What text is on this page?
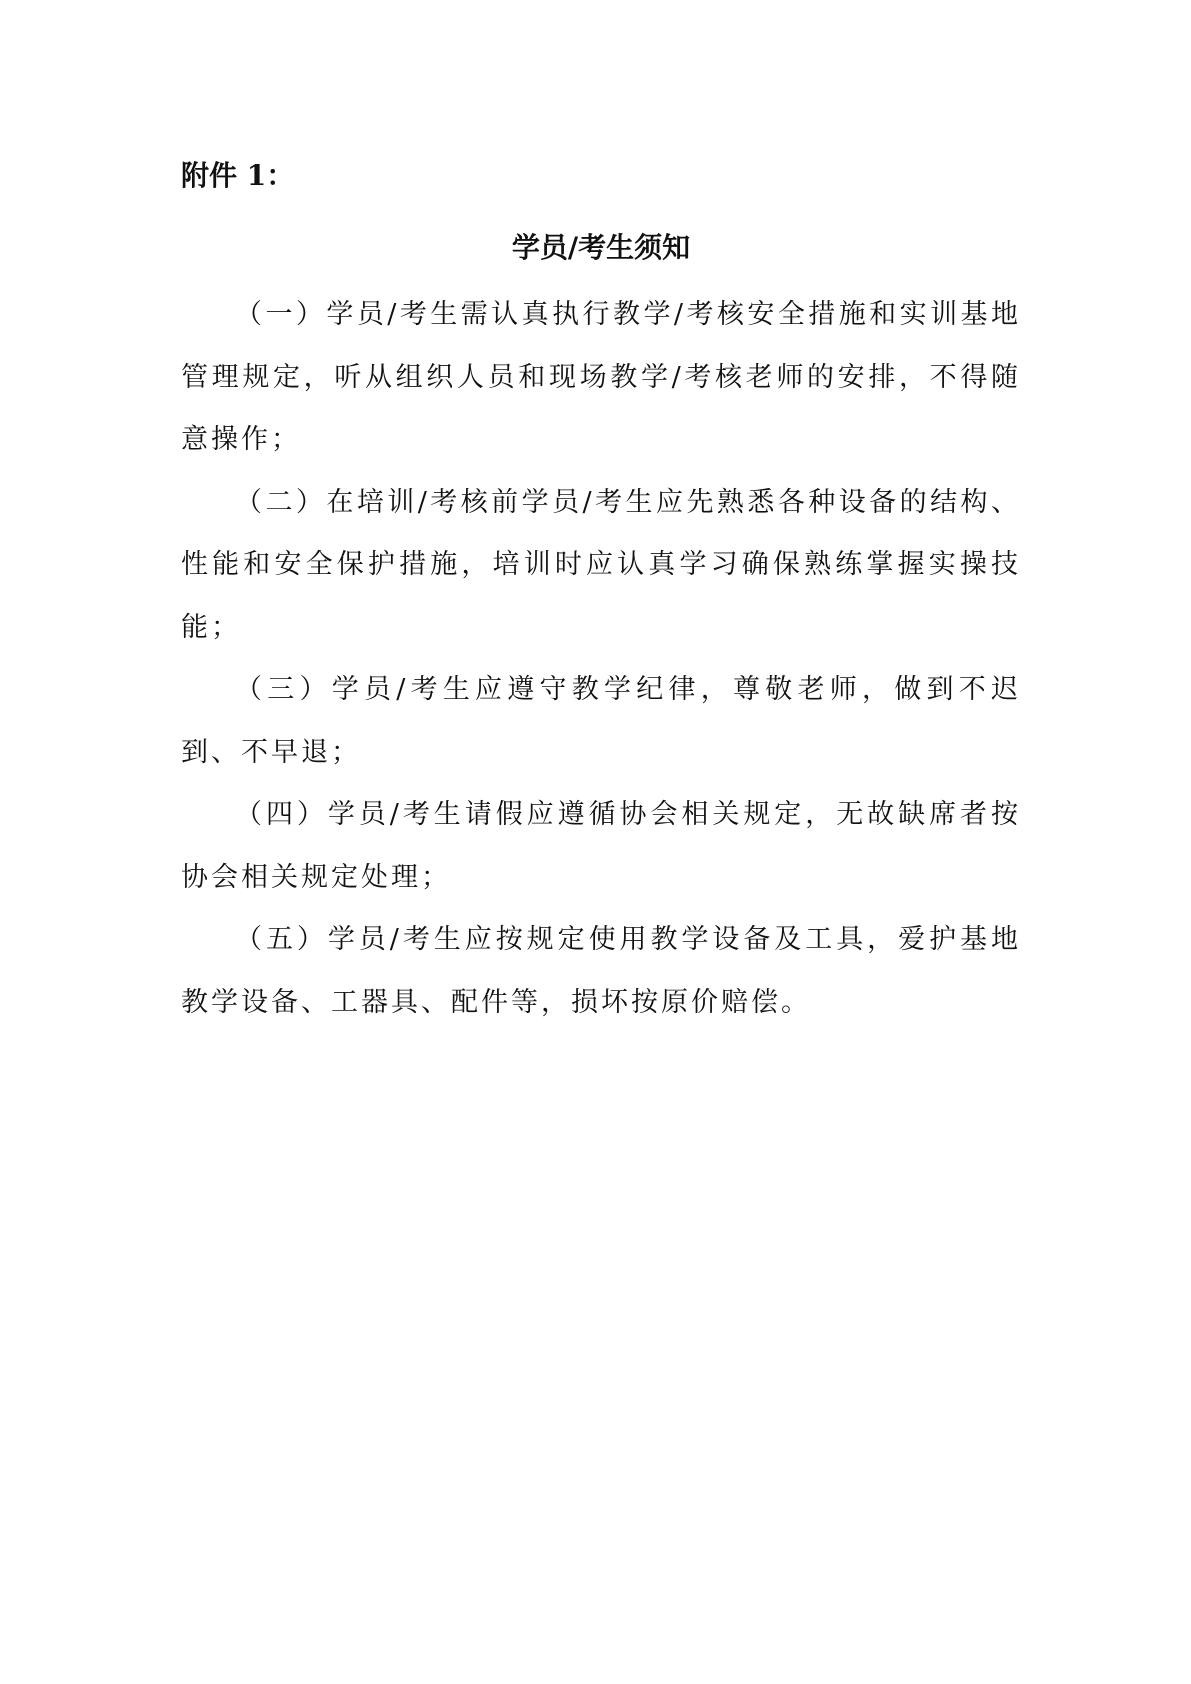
附件 1：

学员/考生须知

（一）学员/考生需认真执行教学/考核安全措施和实训基地管理规定，听从组织人员和现场教学/考核老师的安排，不得随意操作；

（二）在培训/考核前学员/考生应先熟悉各种设备的结构、性能和安全保护措施，培训时应认真学习确保熟练掌握实操技能；

（三）学员/考生应遵守教学纪律，尊敬老师，做到不迟到、不早退；

（四）学员/考生请假应遵循协会相关规定，无故缺席者按协会相关规定处理；

（五）学员/考生应按规定使用教学设备及工具，爱护基地教学设备、工器具、配件等，损坏按原价赔偿。
